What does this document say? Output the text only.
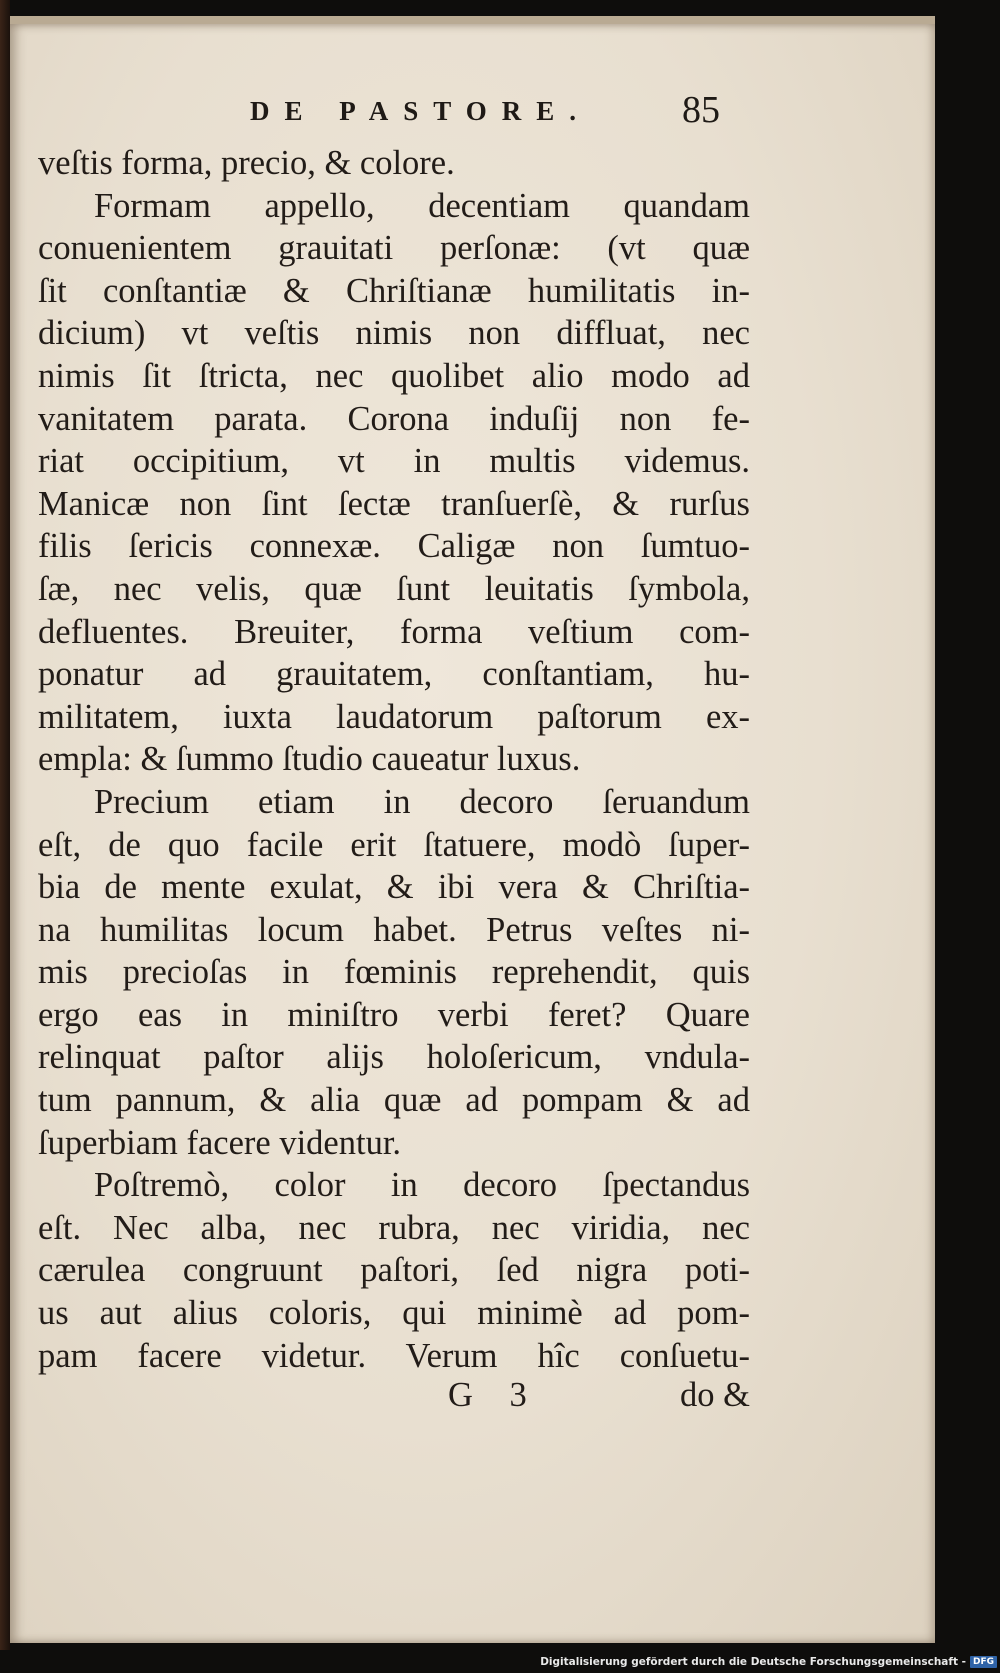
DE PASTORE. 85
veſtis forma, precio, & colore.
Formam appello, decentiam quandam
conuenientem grauitati perſonæ: (vt quæ
ſit conſtantiæ & Chriſtianæ humilitatis in-
dicium) vt veſtis nimis non diffluat, nec
nimis ſit ſtricta, nec quolibet alio modo ad
vanitatem parata. Corona induſij non fe-
riat occipitium, vt in multis videmus.
Manicæ non ſint ſectæ tranſuerſè, & rurſus
filis ſericis connexæ. Caligæ non ſumtuo-
ſæ, nec velis, quæ ſunt leuitatis ſymbola,
defluentes. Breuiter, forma veſtium com-
ponatur ad grauitatem, conſtantiam, hu-
militatem, iuxta laudatorum paſtorum ex-
empla: & ſummo ſtudio caueatur luxus.
Precium etiam in decoro ſeruandum
eſt, de quo facile erit ſtatuere, modò ſuper-
bia de mente exulat, & ibi vera & Chriſtia-
na humilitas locum habet. Petrus veſtes ni-
mis precioſas in fœminis reprehendit, quis
ergo eas in miniſtro verbi feret? Quare
relinquat paſtor alijs holoſericum, vndula-
tum pannum, & alia quæ ad pompam & ad
ſuperbiam facere videntur.
Poſtremò, color in decoro ſpectandus
eſt. Nec alba, nec rubra, nec viridia, nec
cærulea congruunt paſtori, ſed nigra poti-
us aut alius coloris, qui minimè ad pom-
pam facere videtur. Verum hîc conſuetu-
G 3	do &
Digitalisierung gefördert durch die Deutsche Forschungsgemeinschaft - DFG
